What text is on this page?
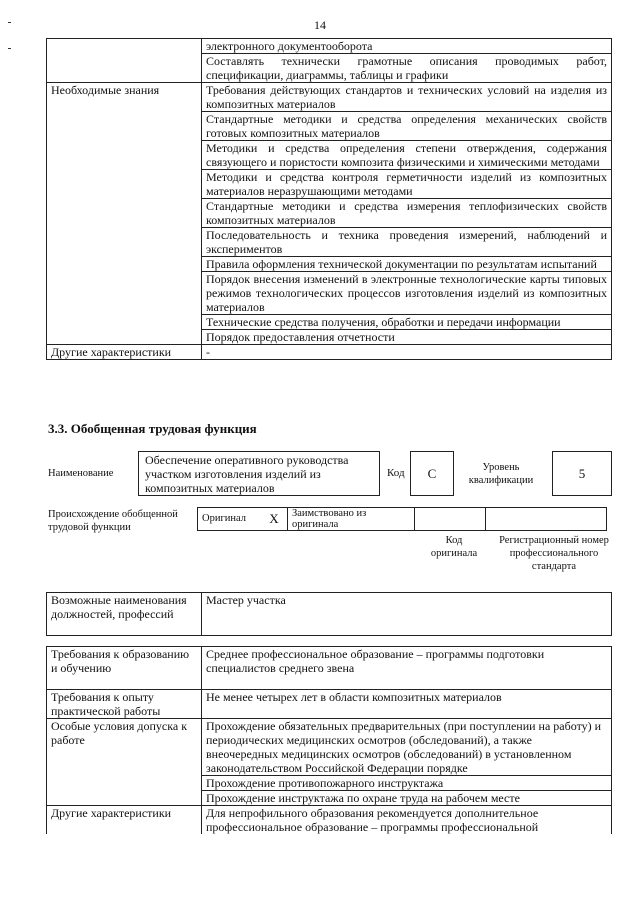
14
	электронного документооборота
	Составлять технически грамотные описания проводимых работ, спецификации, диаграммы, таблицы и графики
Необходимые знания	Требования действующих стандартов и технических условий на изделия из композитных материалов
	Стандартные методики и средства определения механических свойств готовых композитных материалов
	Методики и средства определения степени отверждения, содержания связующего и пористости композита физическими и химическими методами
	Методики и средства контроля герметичности изделий из композитных материалов неразрушающими методами
	Стандартные методики и средства измерения теплофизических свойств композитных материалов
	Последовательность и техника проведения измерений, наблюдений и экспериментов
	Правила оформления технической документации по результатам испытаний
	Порядок внесения изменений в электронные технологические карты типовых режимов технологических процессов изготовления изделий из композитных материалов
	Технические средства получения, обработки и передачи информации
	Порядок предоставления отчетности
Другие характеристики	-
3.3. Обобщенная трудовая функция
Наименование
Обеспечение оперативного руководства участком изготовления изделий из композитных материалов
Код	C	Уровень квалификации	5
Происхождение обобщенной трудовой функции
Оригинал	X	Заимствовано из оригинала		
Код оригинала
Регистрационный номер профессионального стандарта
Возможные наименования должностей, профессий	Мастер участка
Требования к образованию и обучению	Среднее профессиональное образование – программы подготовки специалистов среднего звена
Требования к опыту практической работы	Не менее четырех лет в области композитных материалов
Особые условия допуска к работе	Прохождение обязательных предварительных (при поступлении на работу) и периодических медицинских осмотров (обследований), а также внеочередных медицинских осмотров (обследований) в установленном законодательством Российской Федерации порядке
	Прохождение противопожарного инструктажа
	Прохождение инструктажа по охране труда на рабочем месте
Другие характеристики	Для непрофильного образования рекомендуется дополнительное профессиональное образование – программы профессиональной
